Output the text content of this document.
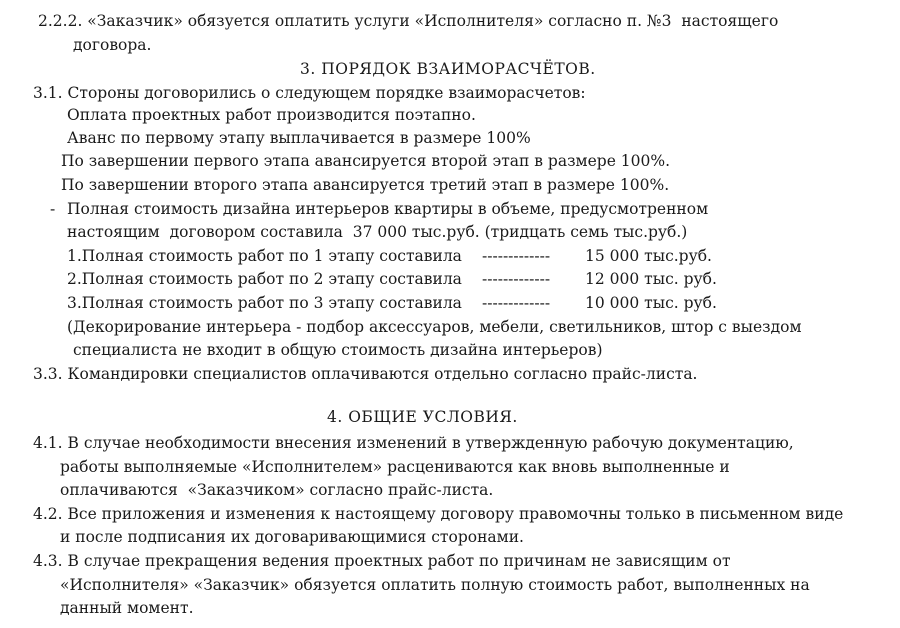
2.2.2. «Заказчик» обязуется оплатить услуги «Исполнителя» согласно п. №3  настоящего
договора.
3. ПОРЯДОК ВЗАИМОРАСЧЁТОВ.
3.1. Стороны договорились о следующем порядке взаиморасчетов:
Оплата проектных работ производится поэтапно.
Аванс по первому этапу выплачивается в размере 100%
По завершении первого этапа авансируется второй этап в размере 100%.
По завершении второго этапа авансируется третий этап в размере 100%.
- Полная стоимость дизайна интерьеров квартиры в объеме, предусмотренном
настоящим  договором составила  37 000 тыс.руб. (тридцать семь тыс.руб.)
1.Полная стоимость работ по 1 этапу составила ------------- 15 000 тыс.руб.
2.Полная стоимость работ по 2 этапу составила ------------- 12 000 тыс. руб.
3.Полная стоимость работ по 3 этапу составила ------------- 10 000 тыс. руб.
(Декорирование интерьера - подбор аксессуаров, мебели, светильников, штор с выездом
специалиста не входит в общую стоимость дизайна интерьеров)
3.3. Командировки специалистов оплачиваются отдельно согласно прайс-листа.
4. ОБЩИЕ УСЛОВИЯ.
4.1. В случае необходимости внесения изменений в утвержденную рабочую документацию,
работы выполняемые «Исполнителем» расцениваются как вновь выполненные и
оплачиваются  «Заказчиком» согласно прайс-листа.
4.2. Все приложения и изменения к настоящему договору правомочны только в письменном виде
и после подписания их договаривающимися сторонами.
4.3. В случае прекращения ведения проектных работ по причинам не зависящим от
«Исполнителя» «Заказчик» обязуется оплатить полную стоимость работ, выполненных на
данный момент.
